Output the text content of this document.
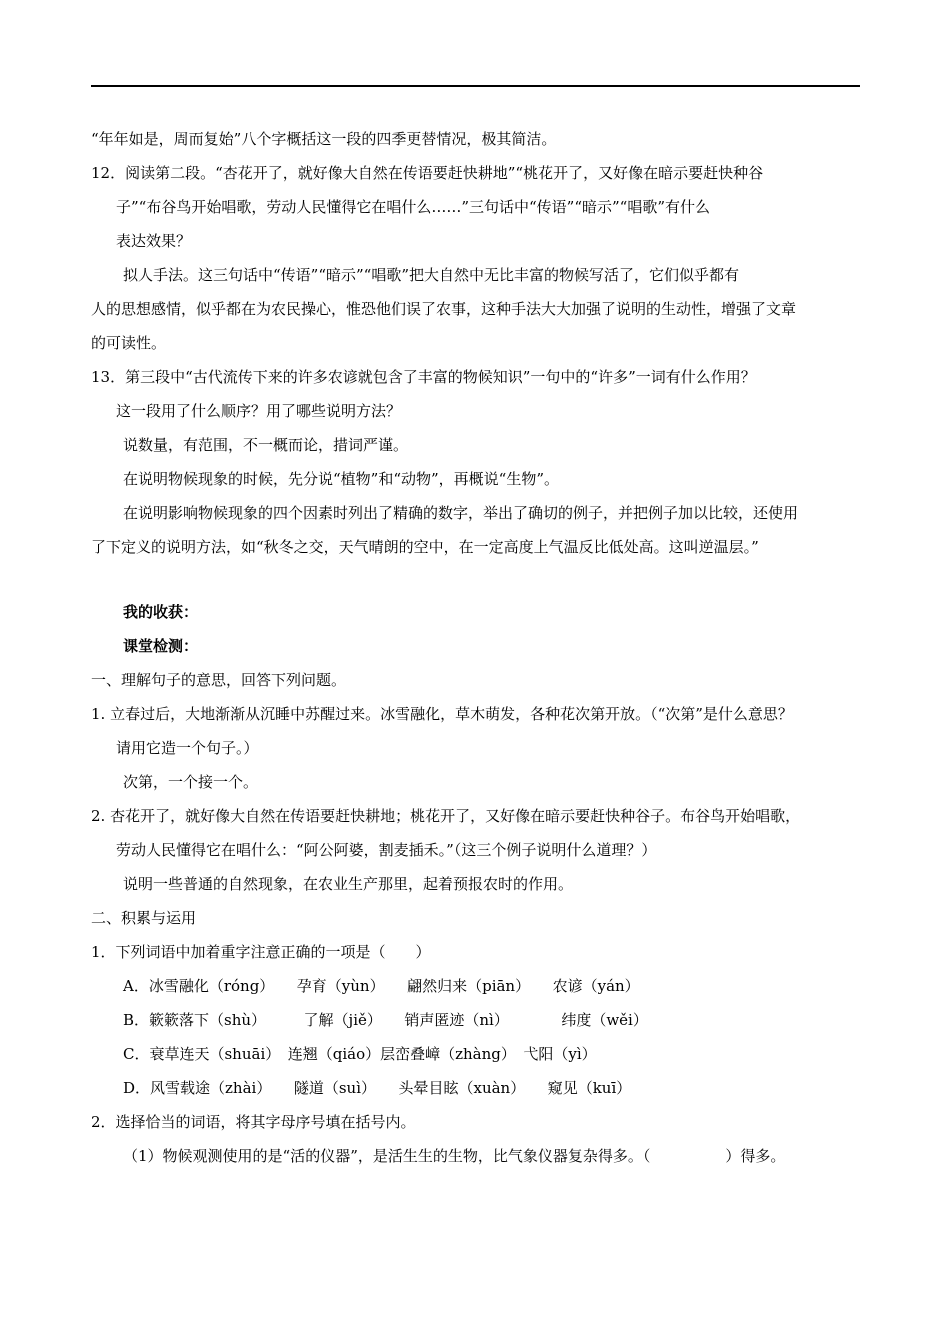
“年年如是，周而复始”八个字概括这一段的四季更替情况，极其简洁。
12．阅读第二段。“杏花开了，就好像大自然在传语要赶快耕地”“桃花开了，又好像在暗示要赶快种谷
子”“布谷鸟开始唱歌，劳动人民懂得它在唱什么……”三句话中“传语”“暗示”“唱歌”有什么
表达效果？
拟人手法。这三句话中“传语”“暗示”“唱歌”把大自然中无比丰富的物候写活了，它们似乎都有
人的思想感情，似乎都在为农民操心，惟恐他们误了农事，这种手法大大加强了说明的生动性，增强了文章
的可读性。
13．第三段中“古代流传下来的许多农谚就包含了丰富的物候知识”一句中的“许多”一词有什么作用？
这一段用了什么顺序？用了哪些说明方法？
说数量，有范围，不一概而论，措词严谨。
在说明物候现象的时候，先分说“植物”和“动物”，再概说“生物”。
在说明影响物候现象的四个因素时列出了精确的数字，举出了确切的例子，并把例子加以比较，还使用
了下定义的说明方法，如“秋冬之交，天气晴朗的空中，在一定高度上气温反比低处高。这叫逆温层。”
我的收获：
课堂检测：
一、理解句子的意思，回答下列问题。
1. 立春过后，大地渐渐从沉睡中苏醒过来。冰雪融化，草木萌发，各种花次第开放。（“次第”是什么意思？
请用它造一个句子。）
次第，一个接一个。
2. 杏花开了，就好像大自然在传语要赶快耕地；桃花开了，又好像在暗示要赶快种谷子。布谷鸟开始唱歌，
劳动人民懂得它在唱什么：“阿公阿婆，割麦插禾。”（这三个例子说明什么道理？）
说明一些普通的自然现象，在农业生产那里，起着预报农时的作用。
二、积累与运用
1．下列词语中加着重字注意正确的一项是（　　）
A．冰雪融化（róng）　　孕育（yùn）　　翩然归来（piān）　　农谚（yán）
B．簌簌落下（shù）　　　了解（jiě）　　销声匿迹（nì）　　　　纬度（wěi）
C．衰草连天（shuāi）　连翘（qiáo）层峦叠嶂（zhàng）　弋阳（yì）
D．风雪载途（zhài）　　隧道（suì）　　头晕目眩（xuàn）　　窥见（kuī）
2．选择恰当的词语，将其字母序号填在括号内。
（1）物候观测使用的是“活的仪器”，是活生生的生物，比气象仪器复杂得多。（　　　　　）得多。
